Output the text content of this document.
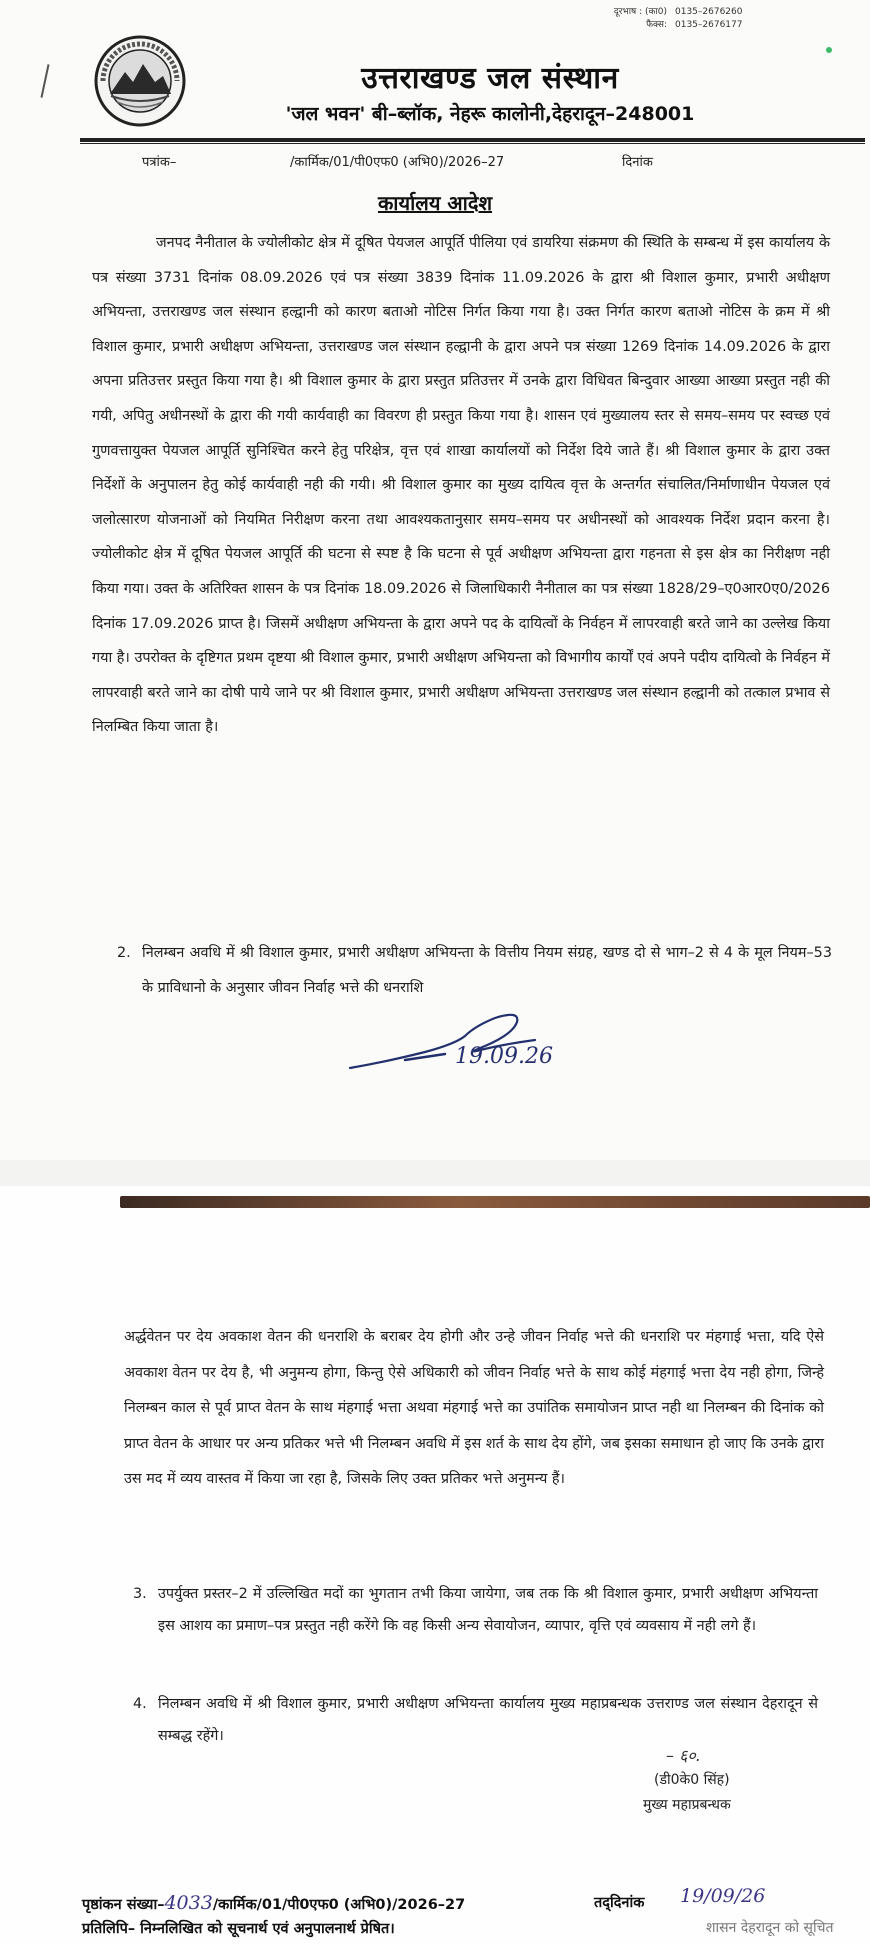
दूरभाष : (का0) 0135–2676260
फैक्स: 0135–2676177
उत्तराखण्ड जल संस्थान
'जल भवन' बी–ब्लॉक, नेहरू कालोनी,देहरादून–248001
पत्रांक–	/कार्मिक/01/पी0एफ0 (अभि0)/2026–27	दिनांक
कार्यालय आदेश
जनपद नैनीताल के ज्योलीकोट क्षेत्र में दूषित पेयजल आपूर्ति पीलिया एवं डायरिया संक्रमण की स्थिति के सम्बन्ध में इस कार्यालय के पत्र संख्या 3731 दिनांक 08.09.2026 एवं पत्र संख्या 3839 दिनांक 11.09.2026 के द्वारा श्री विशाल कुमार, प्रभारी अधीक्षण अभियन्ता, उत्तराखण्ड जल संस्थान हल्द्वानी को कारण बताओ नोटिस निर्गत किया गया है। उक्त निर्गत कारण बताओ नोटिस के क्रम में श्री विशाल कुमार, प्रभारी अधीक्षण अभियन्ता, उत्तराखण्ड जल संस्थान हल्द्वानी के द्वारा अपने पत्र संख्या 1269 दिनांक 14.09.2026 के द्वारा अपना प्रतिउत्तर प्रस्तुत किया गया है। श्री विशाल कुमार के द्वारा प्रस्तुत प्रतिउत्तर में उनके द्वारा विधिवत बिन्दुवार आख्या आख्या प्रस्तुत नही की गयी, अपितु अधीनस्थों के द्वारा की गयी कार्यवाही का विवरण ही प्रस्तुत किया गया है। शासन एवं मुख्यालय स्तर से समय–समय पर स्वच्छ एवं गुणवत्तायुक्त पेयजल आपूर्ति सुनिश्चित करने हेतु परिक्षेत्र, वृत्त एवं शाखा कार्यालयों को निर्देश दिये जाते हैं। श्री विशाल कुमार के द्वारा उक्त निर्देशों के अनुपालन हेतु कोई कार्यवाही नही की गयी। श्री विशाल कुमार का मुख्य दायित्व वृत्त के अन्तर्गत संचालित/निर्माणाधीन पेयजल एवं जलोत्सारण योजनाओं को नियमित निरीक्षण करना तथा आवश्यकतानुसार समय–समय पर अधीनस्थों को आवश्यक निर्देश प्रदान करना है। ज्योलीकोट क्षेत्र में दूषित पेयजल आपूर्ति की घटना से स्पष्ट है कि घटना से पूर्व अधीक्षण अभियन्ता द्वारा गहनता से इस क्षेत्र का निरीक्षण नही किया गया। उक्त के अतिरिक्त शासन के पत्र दिनांक 18.09.2026 से जिलाधिकारी नैनीताल का पत्र संख्या 1828/29–ए0आर0ए0/2026 दिनांक 17.09.2026 प्राप्त है। जिसमें अधीक्षण अभियन्ता के द्वारा अपने पद के दायित्वों के निर्वहन में लापरवाही बरते जाने का उल्लेख किया गया है। उपरोक्त के दृष्टिगत प्रथम दृष्टया श्री विशाल कुमार, प्रभारी अधीक्षण अभियन्ता को विभागीय कार्यों एवं अपने पदीय दायित्वो के निर्वहन में लापरवाही बरते जाने का दोषी पाये जाने पर श्री विशाल कुमार, प्रभारी अधीक्षण अभियन्ता उत्तराखण्ड जल संस्थान हल्द्वानी को तत्काल प्रभाव से निलम्बित किया जाता है।
2. निलम्बन अवधि में श्री विशाल कुमार, प्रभारी अधीक्षण अभियन्ता के वित्तीय नियम संग्रह, खण्ड दो से भाग–2 से 4 के मूल नियम–53 के प्राविधानो के अनुसार जीवन निर्वाह भत्ते की धनराशि
19.09.26
अर्द्धवेतन पर देय अवकाश वेतन की धनराशि के बराबर देय होगी और उन्हे जीवन निर्वाह भत्ते की धनराशि पर मंहगाई भत्ता, यदि ऐसे अवकाश वेतन पर देय है, भी अनुमन्य होगा, किन्तु ऐसे अधिकारी को जीवन निर्वाह भत्ते के साथ कोई मंहगाई भत्ता देय नही होगा, जिन्हे निलम्बन काल से पूर्व प्राप्त वेतन के साथ मंहगाई भत्ता अथवा मंहगाई भत्ते का उपांतिक समायोजन प्राप्त नही था निलम्बन की दिनांक को प्राप्त वेतन के आधार पर अन्य प्रतिकर भत्ते भी निलम्बन अवधि में इस शर्त के साथ देय होंगे, जब इसका समाधान हो जाए कि उनके द्वारा उस मद में व्यय वास्तव में किया जा रहा है, जिसके लिए उक्त प्रतिकर भत्ते अनुमन्य हैं।
3. उपर्युक्त प्रस्तर–2 में उल्लिखित मदों का भुगतान तभी किया जायेगा, जब तक कि श्री विशाल कुमार, प्रभारी अधीक्षण अभियन्ता इस आशय का प्रमाण–पत्र प्रस्तुत नही करेंगे कि वह किसी अन्य सेवायोजन, व्यापार, वृत्ति एवं व्यवसाय में नही लगे हैं।
4. निलम्बन अवधि में श्री विशाल कुमार, प्रभारी अधीक्षण अभियन्ता कार्यालय मुख्य महाप्रबन्धक उत्तराण्ड जल संस्थान देहरादून से सम्बद्ध रहेंगे।
– ६०.
(डी0के0 सिंह)
मुख्य महाप्रबन्धक
पृष्ठांकन संख्या–4033/कार्मिक/01/पी0एफ0 (अभि0)/2026–27	तद्‌दिनांक 19/09/26
प्रतिलिपि– निम्नलिखित को सूचनार्थ एवं अनुपालनार्थ प्रेषित।	शासन देहरादून को सूचित
